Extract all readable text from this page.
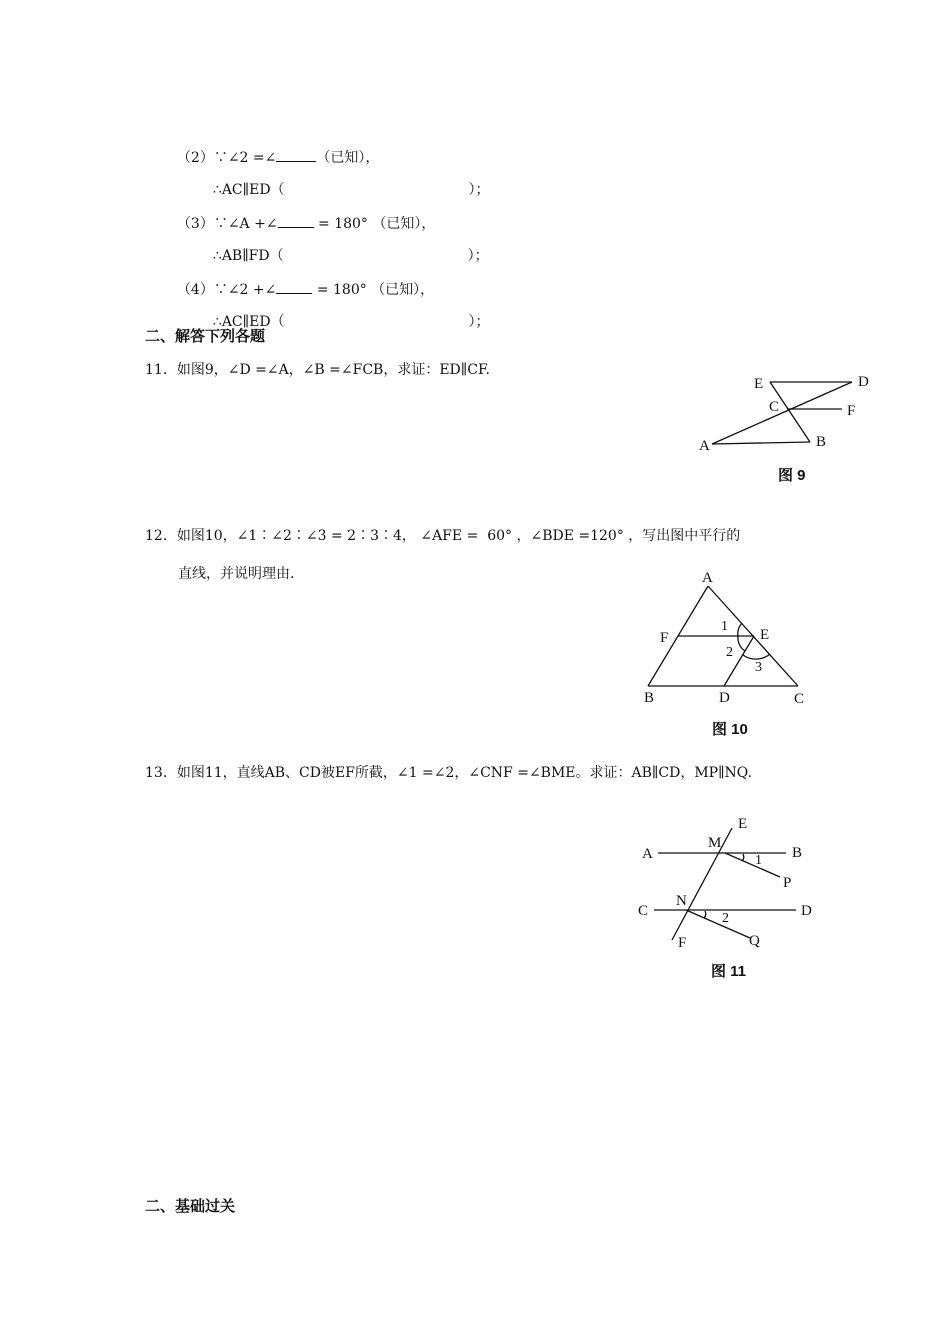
（2）∵∠2 =∠	（已知），

∴AC∥ED（	）；

（3）∵∠A +∠	= 180° （已知），

∴AB∥FD（	）；

（4）∵∠2 +∠	= 180° （已知），

∴AC∥ED（	）；

二、解答下列各题
11．如图9，∠D =∠A，∠B =∠FCB，求证：ED∥CF.
E	D
C	F
A	B
图 9
12．如图10，∠1∶∠2∶∠3 = 2∶3∶4， ∠AFE =  60° ，∠BDE =120° ，写出图中平行的
直线，并说明理由.	A
F	E
B	D	C
1
2
3
图 10
13．如图11，直线AB、CD被EF所截，∠1 =∠2，∠CNF =∠BME。求证：AB∥CD，MP∥NQ.
E
M
A	B
1
P
N
C	D
2
F	Q
图 11
二、基础过关
